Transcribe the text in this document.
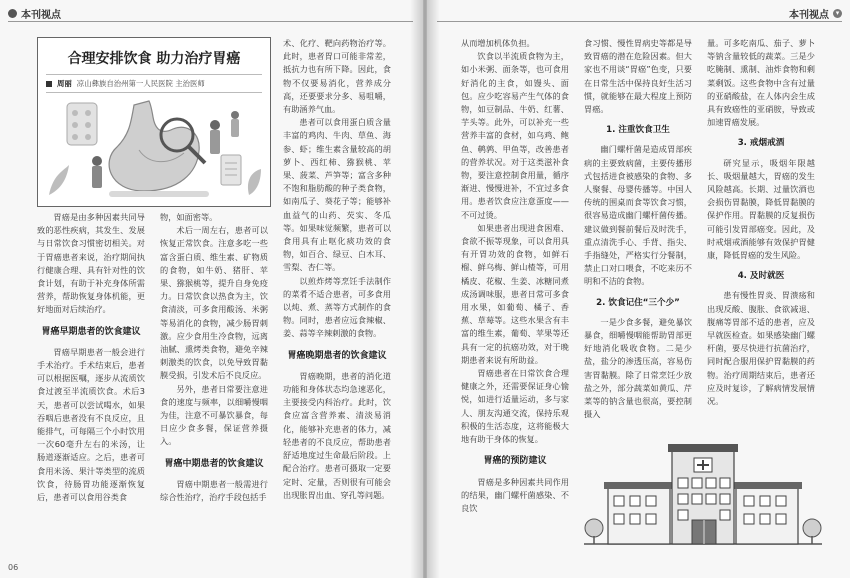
本刊视点
合理安排饮食 助力治疗胃癌
周丽 凉山彝族自治州第一人民医院 主治医师

胃癌是由多种因素共同导致的恶性疾病，其发生、发展与日常饮食习惯密切相关。对于胃癌患者来说，治疗期间执行健康合理、具有针对性的饮食计划，有助于补充身体所需营养，帮助恢复身体机能，更好地面对后续治疗。

胃癌早期患者的饮食建议

胃癌早期患者一般会进行手术治疗。手术结束后，患者可以根据医嘱，逐步从流质饮食过渡至半流质饮食。术后3天，患者可以尝试喝水，如果吞咽后患者没有不良反应，且能排气，可每隔三个小时饮用一次60毫升左右的米汤，让肠道逐渐适应。之后，患者可食用米汤、果汁等类型的流质饮食，待肠胃功能逐渐恢复后，患者可以食用谷类食

物，如面密等。

术后一周左右，患者可以恢复正常饮食。注意多吃一些富含蛋白质、维生素、矿物质的食物，如牛奶、猪肝、苹果、猕猴桃等，提升自身免疫力。日常饮食以热食为主，饮食清淡，可多食用酸汤、米粥等易消化的食物，减少肠胃刺激。应少食用生冷食物，远离油腻、熏烤类食物，避免辛辣刺激类的饮食，以免导致胃黏膜受损，引发术后不良反应。

另外，患者日常要注意进食的速度与频率，以细嚼慢咽为佳，注意不可暴饮暴食，每日应少食多餐，保证营养摄入。

胃癌中期患者的饮食建议

胃癌中期患者一般需进行综合性治疗，治疗手段包括手

术、化疗、靶向药物治疗等。此时，患者胃口可能非常差，抵抗力也有所下降。因此，食物不仅要易消化，营养成分高，还要要求分多、易咀嚼，有助涵养气血。

患者可以食用蛋白质含量丰富的鸡肉、牛肉、草鱼、海参、虾；维生素含量较高的胡萝卜、西红柿、猕猴桃、苹果、菠菜、芦笋等；富含多种不饱和脂肪酸的种子类食物，如南瓜子、葵花子等；能够补血益气的山药、芡实、冬瓜等。如果味觉频繁，患者可以食用具有止呕化痰功效的食物，如百合、绿豆、白木耳、雪梨、杏仁等。

以煎炸烤等烹饪手法制作的菜肴不适合患者，可多食用以炖、煮、蒸等方式制作的食物。同时，患者应远食辣椒、姜、蒜等辛辣刺激的食物。

胃癌晚期患者的饮食建议

胃癌晚期，患者的消化道功能和身体状态均急速恶化，主要接受内科治疗。此时，饮食应富含营养素、清淡易消化，能够补充患者的体力，减轻患者的不良反应，帮助患者舒适地度过生命最后阶段。上配合治疗。患者可摄取一定要定时、定量，否则很有可能会出现胀胃出血、穿孔等问题。

06
本刊视点 ▾

从而增加机体负担。

饮食以半流质食物为主，如小米粥、面条等，也可食用好消化的主食，如馒头、面包。应少吃容易产生气体的食物，如豆制品、牛奶、红薯、芋头等。此外，可以补充一些营养丰富的食材，如乌鸡、鲍鱼、鹌鹑、甲鱼等，改善患者的营养状况。对于这类滋补食物，要注意控制食用量，循序渐进、慢慢进补，不宜过多食用。患者饮食应注意蛋度——不可过烫。

如果患者出现进食困难、食欲不振等现象，可以食用具有开胃功效的食物，如鲜石榴、鲜乌梅、鲜山楂等，可用橘皮、花椒、生姜、冰糖同煮成汤调味服，患者日常可多食用水果，如葡萄、橘子、香蕉、草莓等。这些水果含有丰富的维生素，葡萄、苹果等还具有一定的抗癌功效，对于晚期患者来说有所助益。

胃癌患者在日常饮食合理健康之外，还需要保证身心愉悦，如进行适量运动，多与家人、朋友沟通交流，保持乐观积极的生活态度，这将能极大地有助于身体的恢复。

胃癌的预防建议

胃癌是多种因素共同作用的结果，幽门螺杆菌感染、不良饮

食习惯、慢性胃病史等都是导致胃癌的潜在危险因素。但大家也不用谈“胃癌”色变，只要在日常生活中保持良好生活习惯，就能够在最大程度上预防胃癌。

1. 注重饮食卫生

幽门螺杆菌是造成胃部疾病的主要致病菌，主要传播形式包括进食被感染的食物、多人聚餐、母婴传播等。中国人传统的围桌而食等饮食习惯，很容易造成幽门螺杆菌传播。建议做到餐前餐后及时洗手，重点清洗手心、手背、指尖、手指缝处，严格实行分餐制，禁止口对口喂食，不吃来历不明和不洁的食物。

2. 饮食记住“三个少”

一是少食多餐，避免暴饮暴食，细嚼慢咽能帮助胃部更好地消化吸收食物。二是少盐，盐分的渗透压高，容易伤害胃黏膜。除了日常烹饪少放盐之外，部分蔬菜如黄瓜、芹菜等的钠含量也很高，要控制摄入

量。可多吃南瓜、茄子、萝卜等钠含量较低的蔬菜。三是少吃腌制、熏制、油炸食物和剩菜剩饭。这些食物中含有过量的亚硝酸盐，在人体内会生成具有致癌性的亚硝胺，导致或加速胃癌发展。

3. 戒烟戒酒

研究显示，吸烟年限越长、吸烟量越大，胃癌的发生风险越高。长期、过量饮酒也会损伤胃黏膜，降低胃黏膜的保护作用。胃黏膜的反复损伤可能引发胃部癌变。因此，及时戒烟戒酒能够有效保护胃健康，降低胃癌的发生风险。

4. 及时就医

患有慢性胃炎、胃溃疡和出现反酸、腹胀、食欲减退、腹痛等胃部不适的患者，应及早就医检查。如果感染幽门螺杆菌，要尽快进行抗菌治疗，同时配合服用保护胃黏膜的药物。治疗周期结束后，患者还应及时复诊，了解病情发展情况。
